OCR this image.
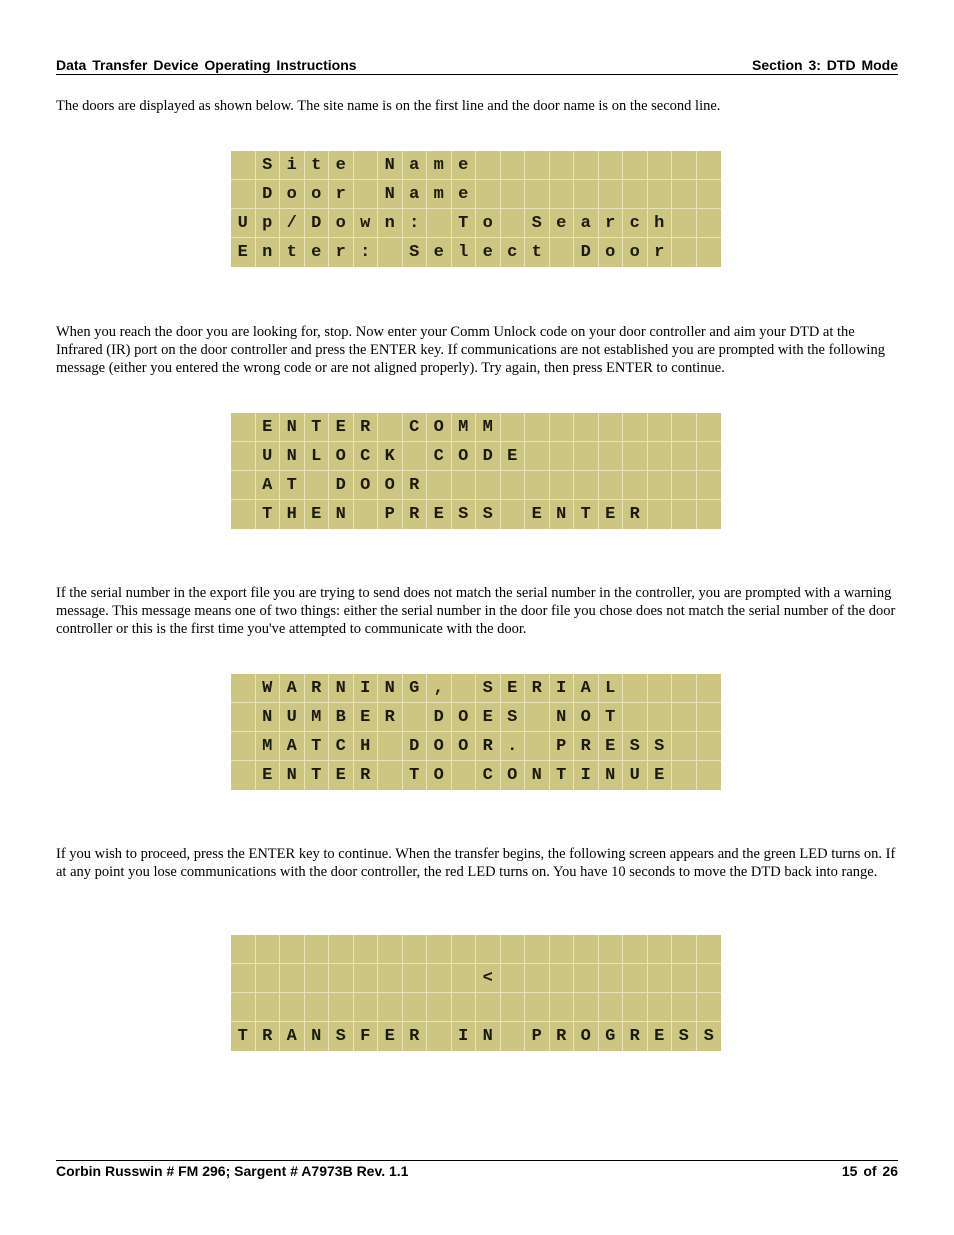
Data Transfer Device Operating Instructions	Section 3: DTD Mode

The doors are displayed as shown below. The site name is on the first line and the door name is on the second line.

S i t e	N a m e
D o o r	N a m e
U p / D o w n :	T o	S e a r c h
E n t e r :	S e l e c t	D o o r

When you reach the door you are looking for, stop. Now enter your Comm Unlock code on your door controller and aim your DTD at the Infrared (IR) port on the door controller and press the ENTER key. If communications are not established you are prompted with the following message (either you entered the wrong code or are not aligned properly). Try again, then press ENTER to continue.

E N T E R	C O M M
U N L O C K	C O D E
A T	D O O R
T H E N	P R E S S	E N T E R

If the serial number in the export file you are trying to send does not match the serial number in the controller, you are prompted with a warning message. This message means one of two things: either the serial number in the door file you chose does not match the serial number of the door controller or this is the first time you've attempted to communicate with the door.

W A R N I N G ,	S E R I A L
N U M B E R	D O E S	N O T
M A T C H	D O O R .	P R E S S
E N T E R	T O	C O N T I N U E

If you wish to proceed, press the ENTER key to continue. When the transfer begins, the following screen appears and the green LED turns on. If at any point you lose communications with the door controller, the red LED turns on. You have 10 seconds to move the DTD back into range.

<
T R A N S F E R	I N	P R O G R E S S
Corbin Russwin # FM 296; Sargent # A7973B Rev. 1.1	15 of 26
